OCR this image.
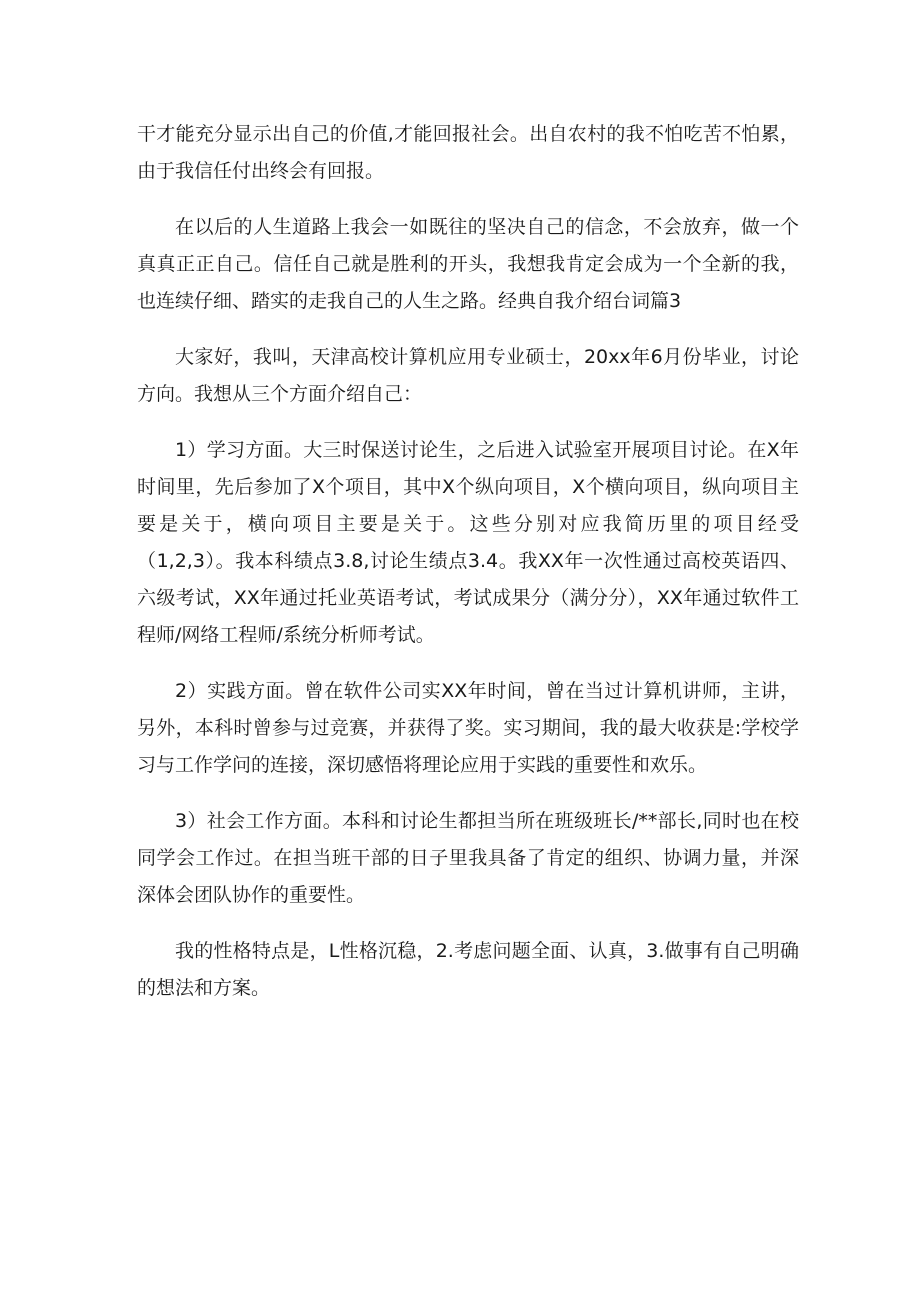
干才能充分显示出自己的价值,才能回报社会。出自农村的我不怕吃苦不怕累，由于我信任付出终会有回报。

在以后的人生道路上我会一如既往的坚决自己的信念，不会放弃，做一个真真正正自己。信任自己就是胜利的开头，我想我肯定会成为一个全新的我，也连续仔细、踏实的走我自己的人生之路。经典自我介绍台词篇3

大家好，我叫，天津高校计算机应用专业硕士，20xx年6月份毕业，讨论方向。我想从三个方面介绍自己：

1）学习方面。大三时保送讨论生，之后进入试验室开展项目讨论。在X年时间里，先后参加了X个项目，其中X个纵向项目，X个横向项目，纵向项目主要是关于，横向项目主要是关于。这些分别对应我简历里的项目经受（1,2,3）。我本科绩点3.8,讨论生绩点3.4。我XX年一次性通过高校英语四、六级考试，XX年通过托业英语考试，考试成果分（满分分），XX年通过软件工程师/网络工程师/系统分析师考试。

2）实践方面。曾在软件公司实XX年时间，曾在当过计算机讲师，主讲，另外，本科时曾参与过竞赛，并获得了奖。实习期间，我的最大收获是:学校学习与工作学问的连接，深切感悟将理论应用于实践的重要性和欢乐。

3）社会工作方面。本科和讨论生都担当所在班级班长/**部长,同时也在校同学会工作过。在担当班干部的日子里我具备了肯定的组织、协调力量，并深深体会团队协作的重要性。

我的性格特点是，L性格沉稳，2.考虑问题全面、认真，3.做事有自己明确的想法和方案。
